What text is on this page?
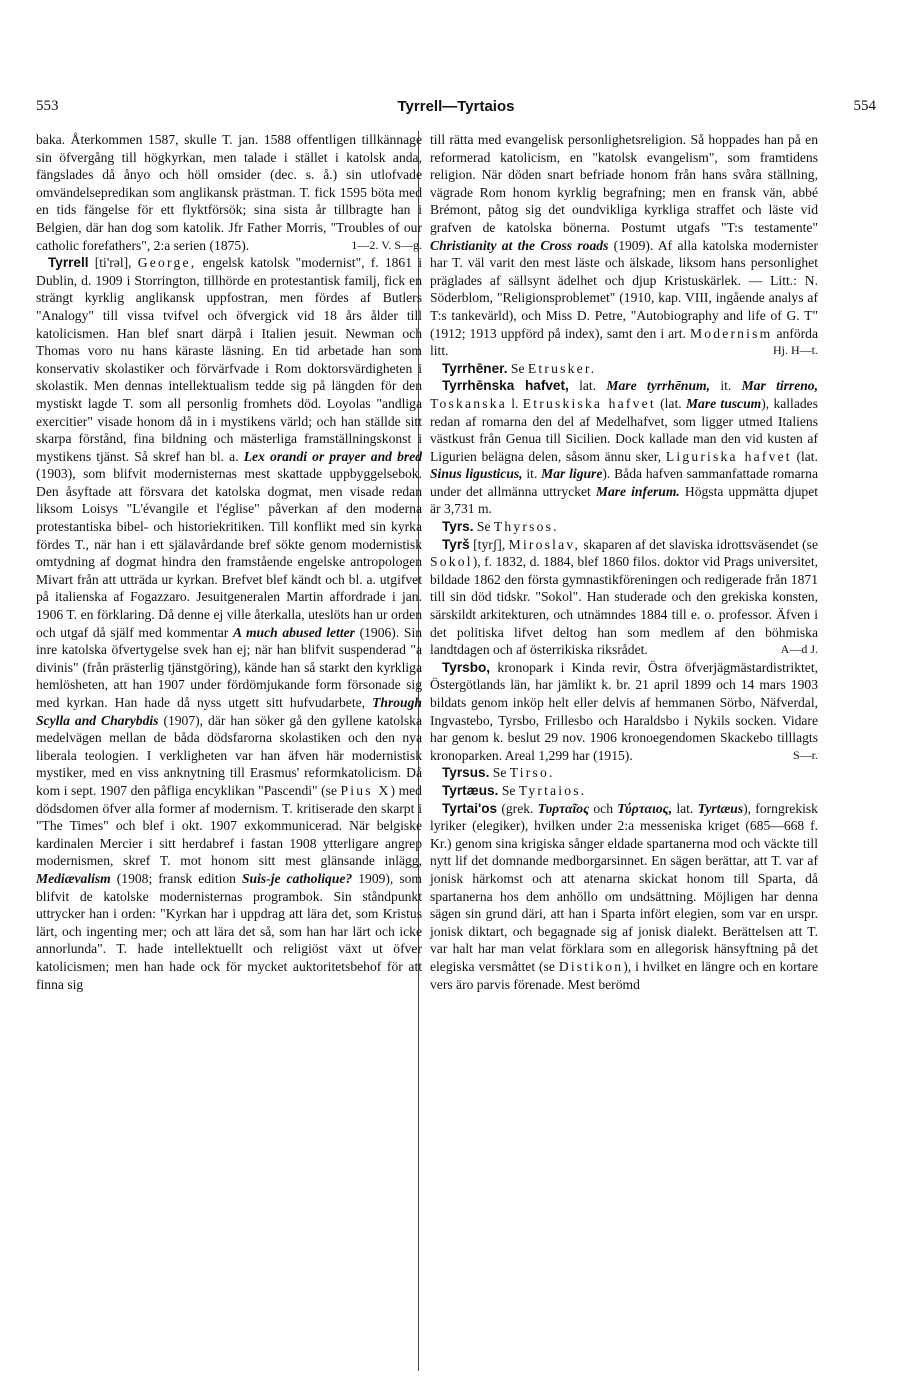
553	Tyrrell—Tyrtaios	554

baka. Återkommen 1587, skulle T. jan. 1588 offentligen tillkännage sin öfvergång till högkyrkan, men talade i stället i katolsk anda, fängslades då ånyo och höll omsider (dec. s. å.) sin utlofvade omvändelsepredikan som anglikansk prästman. T. fick 1595 böta med en tids fängelse för ett flyktförsök; sina sista år tillbragte han i Belgien, där han dog som katolik. Jfr Father Morris, "Troubles of our catholic forefathers", 2:a serien (1875).	1—2. V. S—g.

Tyrrell [ti'rəl], George, engelsk katolsk "modernist", f. 1861 i Dublin, d. 1909 i Storrington, tillhörde en protestantisk familj, fick en strängt kyrklig anglikansk uppfostran, men fördes af Butlers "Analogy" till vissa tvifvel och öfvergick vid 18 års ålder till katolicismen. Han blef snart därpå i Italien jesuit. Newman och Thomas voro nu hans käraste läsning. En tid arbetade han som konservativ skolastiker och förvärfvade i Rom doktorsvärdigheten i skolastik. Men dennas intellektualism tedde sig på längden för den mystiskt lagde T. som all personlig fromhets död. Loyolas "andliga exercitier" visade honom då in i mystikens värld; och han ställde sitt skarpa förstånd, fina bildning och mästerliga framställningskonst i mystikens tjänst. Så skref han bl. a. Lex orandi or prayer and bred (1903), som blifvit modernisternas mest skattade uppbyggelsebok. Den åsyftade att försvara det katolska dogmat, men visade redan liksom Loisys "L'évangile et l'église" påverkan af den moderna protestantiska bibel- och historiekritiken. Till konflikt med sin kyrka fördes T., när han i ett själavårdande bref sökte genom modernistisk omtydning af dogmat hindra den framstående engelske antropologen Mivart från att utträda ur kyrkan. Brefvet blef kändt och bl. a. utgifvet på italienska af Fogazzaro. Jesuitgeneralen Martin affordrade i jan. 1906 T. en förklaring. Då denne ej ville återkalla, uteslöts han ur orden och utgaf då själf med kommentar A much abused letter (1906). Sin inre katolska öfvertygelse svek han ej; när han blifvit suspenderad "a divinis" (från prästerlig tjänstgöring), kände han så starkt den kyrkliga hemlösheten, att han 1907 under fördömjukande form försonade sig med kyrkan. Han hade då nyss utgett sitt hufvudarbete, Through Scylla and Charybdis (1907), där han söker gå den gyllene katolska medelvägen mellan de båda dödsfarorna skolastiken och den nya liberala teologien. I verkligheten var han äfven här modernistisk mystiker, med en viss anknytning till Erasmus' reformkatolicism. Då kom i sept. 1907 den påfliga encyklikan "Pascendi" (se Pius X) med dödsdomen öfver alla former af modernism. T. kritiserade den skarpt i "The Times" och blef i okt. 1907 exkommunicerad. När belgiske kardinalen Mercier i sitt herdabref i fastan 1908 ytterligare angrep modernismen, skref T. mot honom sitt mest glänsande inlägg, Mediævalism (1908; fransk edition Suis-je catholique? 1909), som blifvit de katolske modernisternas programbok. Sin ståndpunkt uttrycker han i orden: "Kyrkan har i uppdrag att lära det, som Kristus lärt, och ingenting mer; och att lära det så, som han har lärt och icke annorlunda". T. hade intellektuellt och religiöst växt ut öfver katolicismen; men han hade ock för mycket auktoritetsbehof för att finna sig

till rätta med evangelisk personlighetsreligion. Så hoppades han på en reformerad katolicism, en "katolsk evangelism", som framtidens religion. När döden snart befriade honom från hans svåra ställning, vägrade Rom honom kyrklig begrafning; men en fransk vän, abbé Brémont, påtog sig det oundvikliga kyrkliga straffet och läste vid grafven de katolska bönerna. Postumt utgafs "T:s testamente" Christianity at the Cross roads (1909). Af alla katolska modernister har T. väl varit den mest läste och älskade, liksom hans personlighet präglades af sällsynt ädelhet och djup Kristuskärlek. — Litt.: N. Söderblom, "Religionsproblemet" (1910, kap. VIII, ingående analys af T:s tankevärld), och Miss D. Petre, "Autobiography and life of G. T" (1912; 1913 uppförd på index), samt den i art. Modernism anförda litt.	Hj. H—t.

Tyrrhēner. Se Etrusker.

Tyrrhēnska hafvet, lat. Mare tyrrhēnum, it. Mar tirreno, Toskanska l. Etruskiska hafvet (lat. Mare tuscum), kallades redan af romarna den del af Medelhafvet, som ligger utmed Italiens västkust från Genua till Sicilien. Dock kallade man den vid kusten af Ligurien belägna delen, såsom ännu sker, Liguriska hafvet (lat. Sinus ligusticus, it. Mar ligure). Båda hafven sammanfattade romarna under det allmänna uttrycket Mare inferum. Högsta uppmätta djupet är 3,731 m.

Tyrs. Se Thyrsos.

Tyrš [tyrʃ], Miroslav, skaparen af det slaviska idrottsväsendet (se Sokol), f. 1832, d. 1884, blef 1860 filos. doktor vid Prags universitet, bildade 1862 den första gymnastikföreningen och redigerade från 1871 till sin död tidskr. "Sokol". Han studerade och den grekiska konsten, särskildt arkitekturen, och utnämndes 1884 till e. o. professor. Äfven i det politiska lifvet deltog han som medlem af den böhmiska landtdagen och af österrikiska riksrådet.	A—d J.

Tyrsbo, kronopark i Kinda revir, Östra öfverjägmästardistriktet, Östergötlands län, har jämlikt k. br. 21 april 1899 och 14 mars 1903 bildats genom inköp helt eller delvis af hemmanen Sörbo, Näfverdal, Ingvastebo, Tyrsbo, Frillesbo och Haraldsbo i Nykils socken. Vidare har genom k. beslut 29 nov. 1906 kronoegendomen Skackebo tilllagts kronoparken. Areal 1,299 har (1915).	S—r.

Tyrsus. Se Tirso.

Tyrtæus. Se Tyrtaios.

Tyrtai'os (grek. Τυρταῖος och Τύρταιος, lat. Tyrtæus), forngrekisk lyriker (elegiker), hvilken under 2:a messeniska kriget (685—668 f. Kr.) genom sina krigiska sånger eldade spartanerna mod och väckte till nytt lif det domnande medborgarsinnet. En sägen berättar, att T. var af jonisk härkomst och att atenarna skickat honom till Sparta, då spartanerna hos dem anhöllo om undsättning. Möjligen har denna sägen sin grund däri, att han i Sparta infört elegien, som var en urspr. jonisk diktart, och begagnade sig af jonisk dialekt. Berättelsen att T. var halt har man velat förklara som en allegorisk hänsyftning på det elegiska versmåttet (se Distikon), i hvilket en längre och en kortare vers äro parvis förenade. Mest berömd
